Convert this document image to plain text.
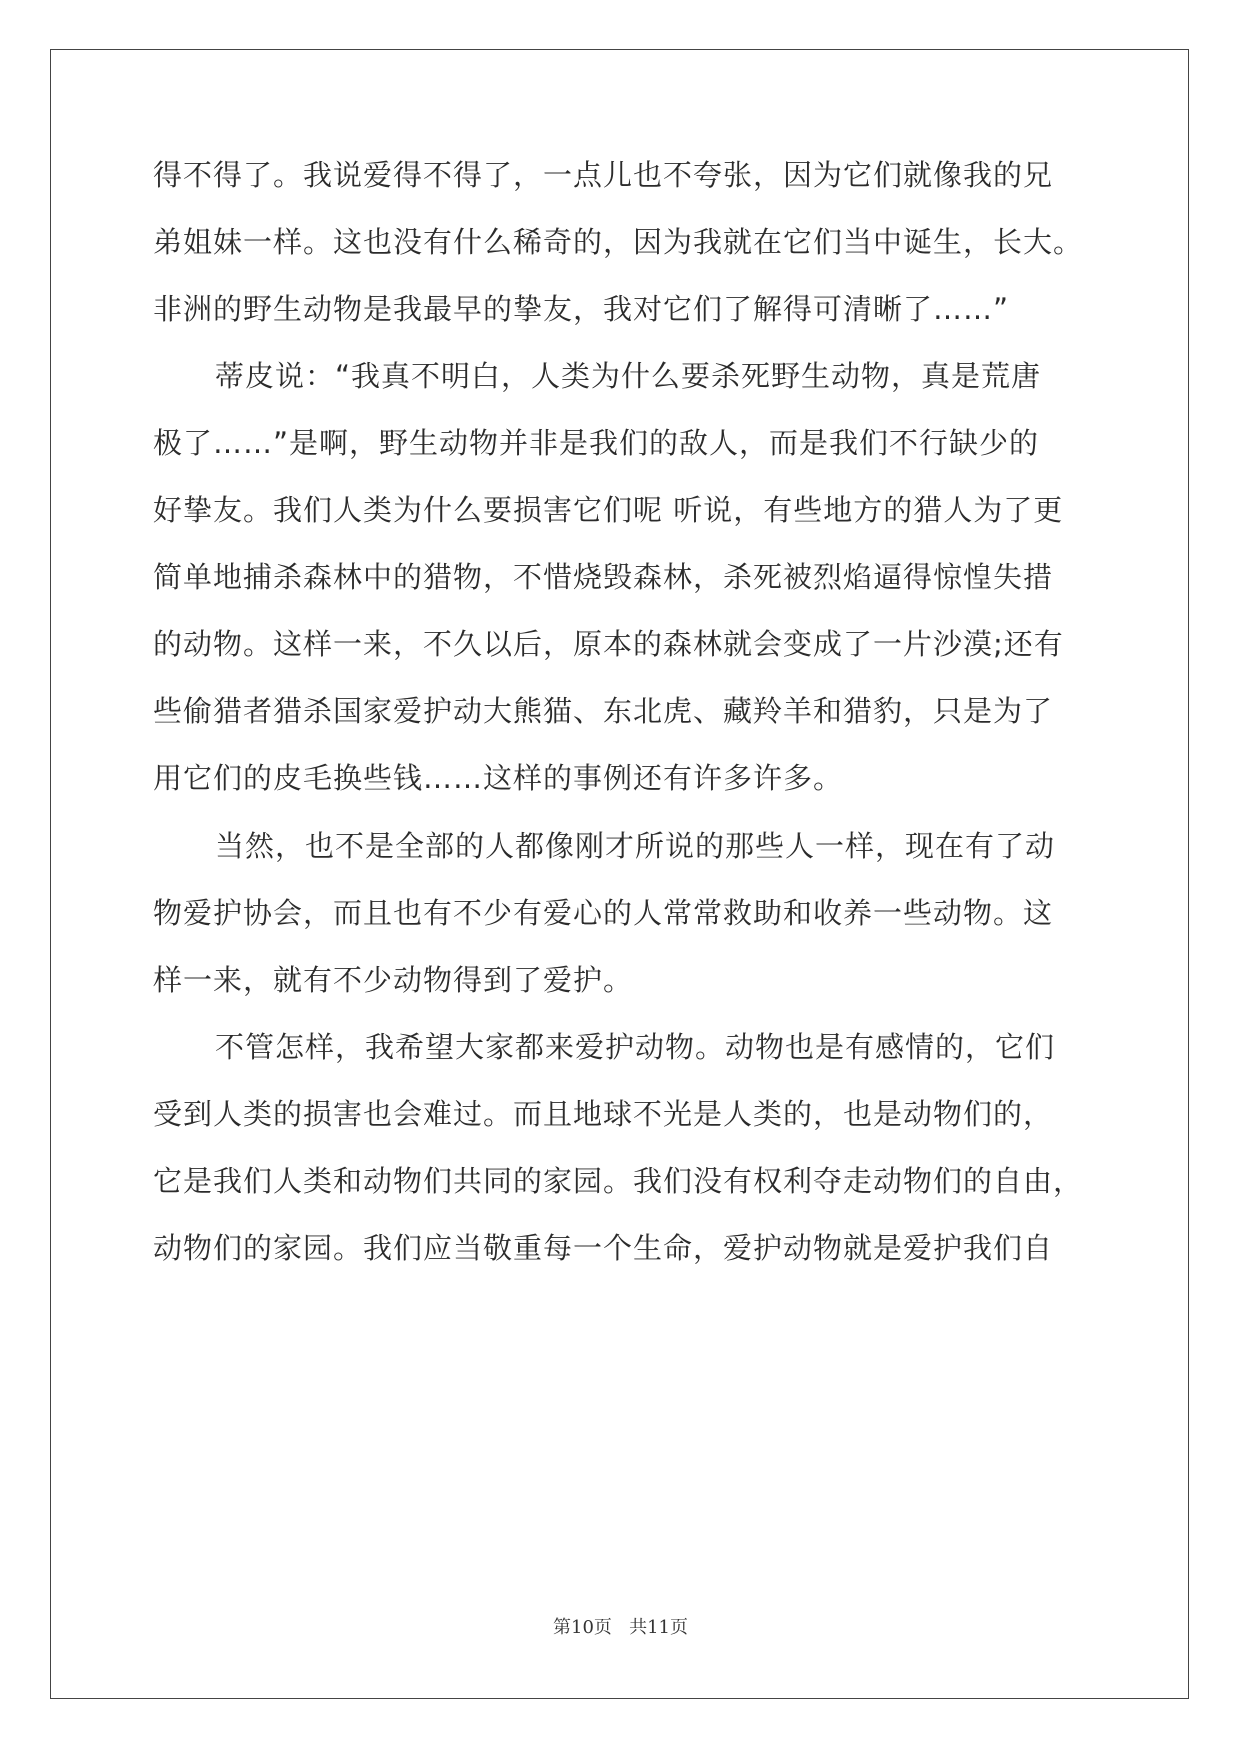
得不得了。我说爱得不得了，一点儿也不夸张，因为它们就像我的兄
弟姐妹一样。这也没有什么稀奇的，因为我就在它们当中诞生，长大。
非洲的野生动物是我最早的挚友，我对它们了解得可清晰了……”
蒂皮说：“我真不明白，人类为什么要杀死野生动物，真是荒唐
极了……”是啊，野生动物并非是我们的敌人，而是我们不行缺少的
好挚友。我们人类为什么要损害它们呢 听说，有些地方的猎人为了更
简单地捕杀森林中的猎物，不惜烧毁森林，杀死被烈焰逼得惊惶失措
的动物。这样一来，不久以后，原本的森林就会变成了一片沙漠;还有
些偷猎者猎杀国家爱护动大熊猫、东北虎、藏羚羊和猎豹，只是为了
用它们的皮毛换些钱……这样的事例还有许多许多。
当然，也不是全部的人都像刚才所说的那些人一样，现在有了动
物爱护协会，而且也有不少有爱心的人常常救助和收养一些动物。这
样一来，就有不少动物得到了爱护。
不管怎样，我希望大家都来爱护动物。动物也是有感情的，它们
受到人类的损害也会难过。而且地球不光是人类的，也是动物们的，
它是我们人类和动物们共同的家园。我们没有权利夺走动物们的自由，
动物们的家园。我们应当敬重每一个生命，爱护动物就是爱护我们自
第10页   共11页
